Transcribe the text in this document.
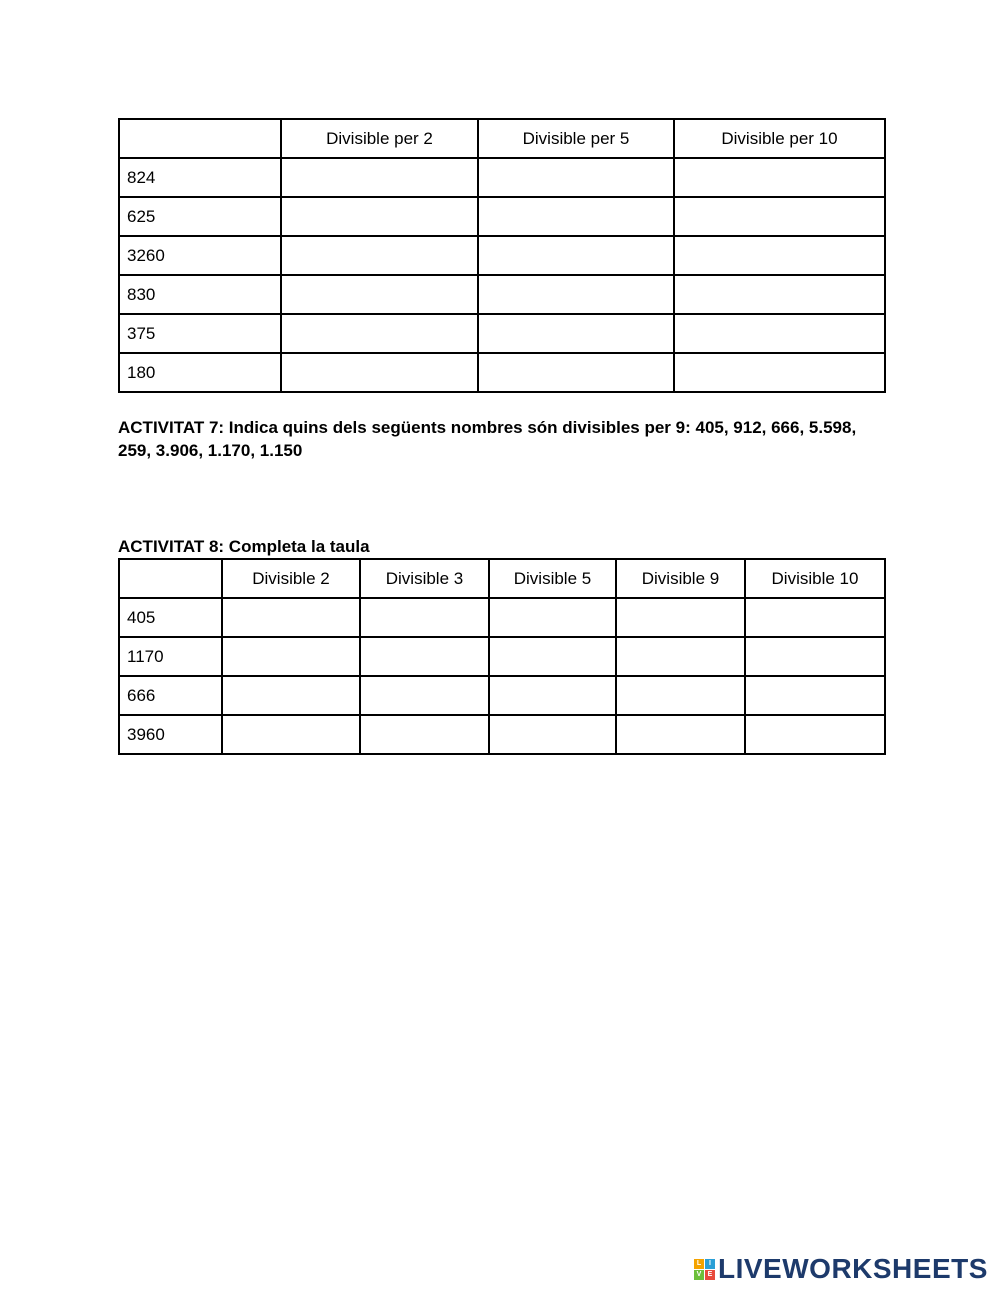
	Divisible per 2	Divisible per 5	Divisible per 10
824			
625			
3260			
830			
375			
180			
ACTIVITAT 7: Indica quins dels següents nombres són divisibles per 9: 405, 912, 666, 5.598, 259, 3.906, 1.170, 1.150
ACTIVITAT 8: Completa la taula
	Divisible 2	Divisible 3	Divisible 5	Divisible 9	Divisible 10
405					
1170					
666					
3960					
L	I
V E LIVEWORKSHEETS
